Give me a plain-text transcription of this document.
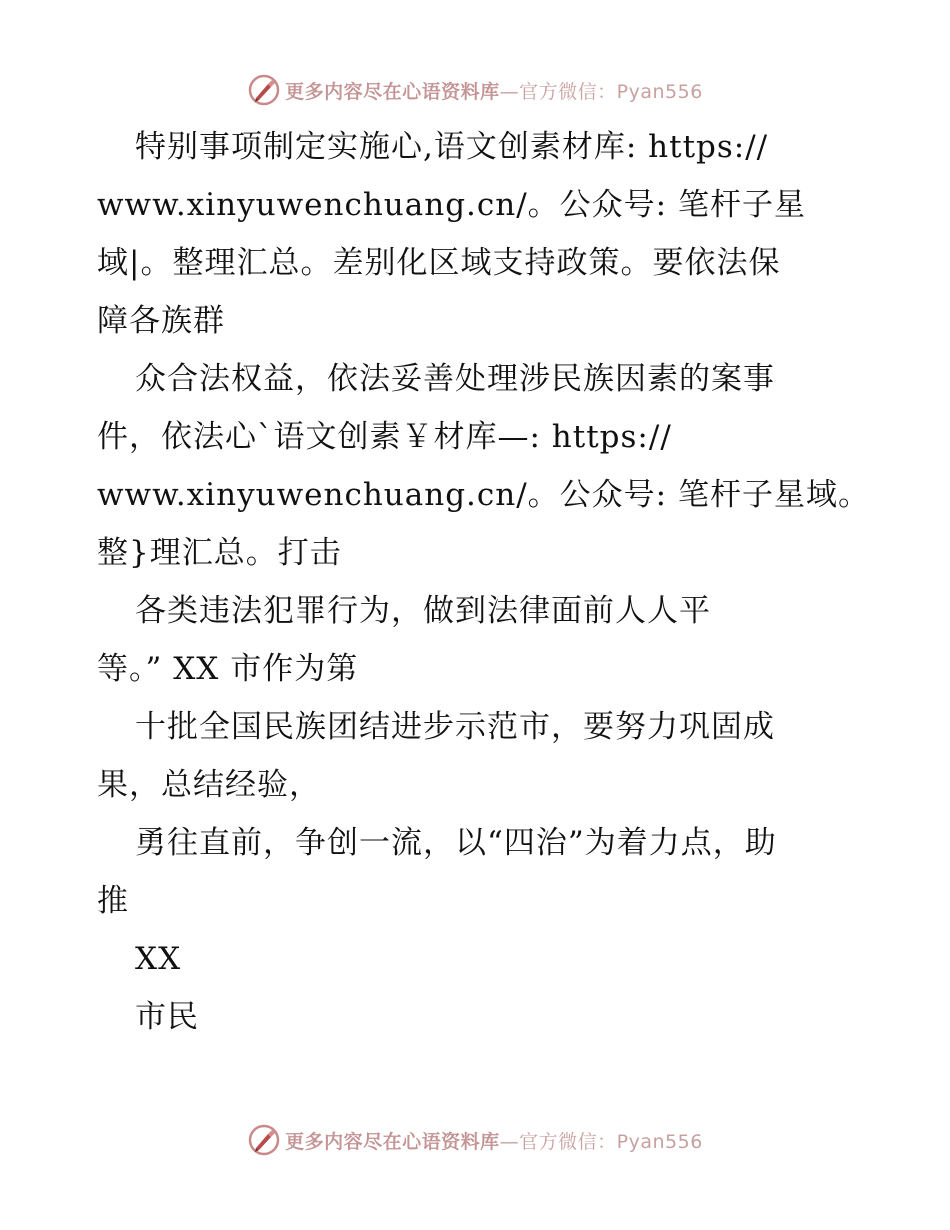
更多内容尽在心语资料库—官方微信：Pyan556
特别事项制定实施心,语文创素材库: https://
www.xinyuwenchuang.cn/。公众号: 笔杆子星
域|。整理汇总。差别化区域支持政策。要依法保
障各族群
众合法权益，依法妥善处理涉民族因素的案事
件，依法心`语文创素￥材库—: https://
www.xinyuwenchuang.cn/。公众号: 笔杆子星域。
整}理汇总。打击
各类违法犯罪行为，做到法律面前人人平
等。” XX 市作为第
十批全国民族团结进步示范市，要努力巩固成
果，总结经验，
勇往直前，争创一流，以“四治”为着力点，助
推
XX
市民
更多内容尽在心语资料库—官方微信：Pyan556
